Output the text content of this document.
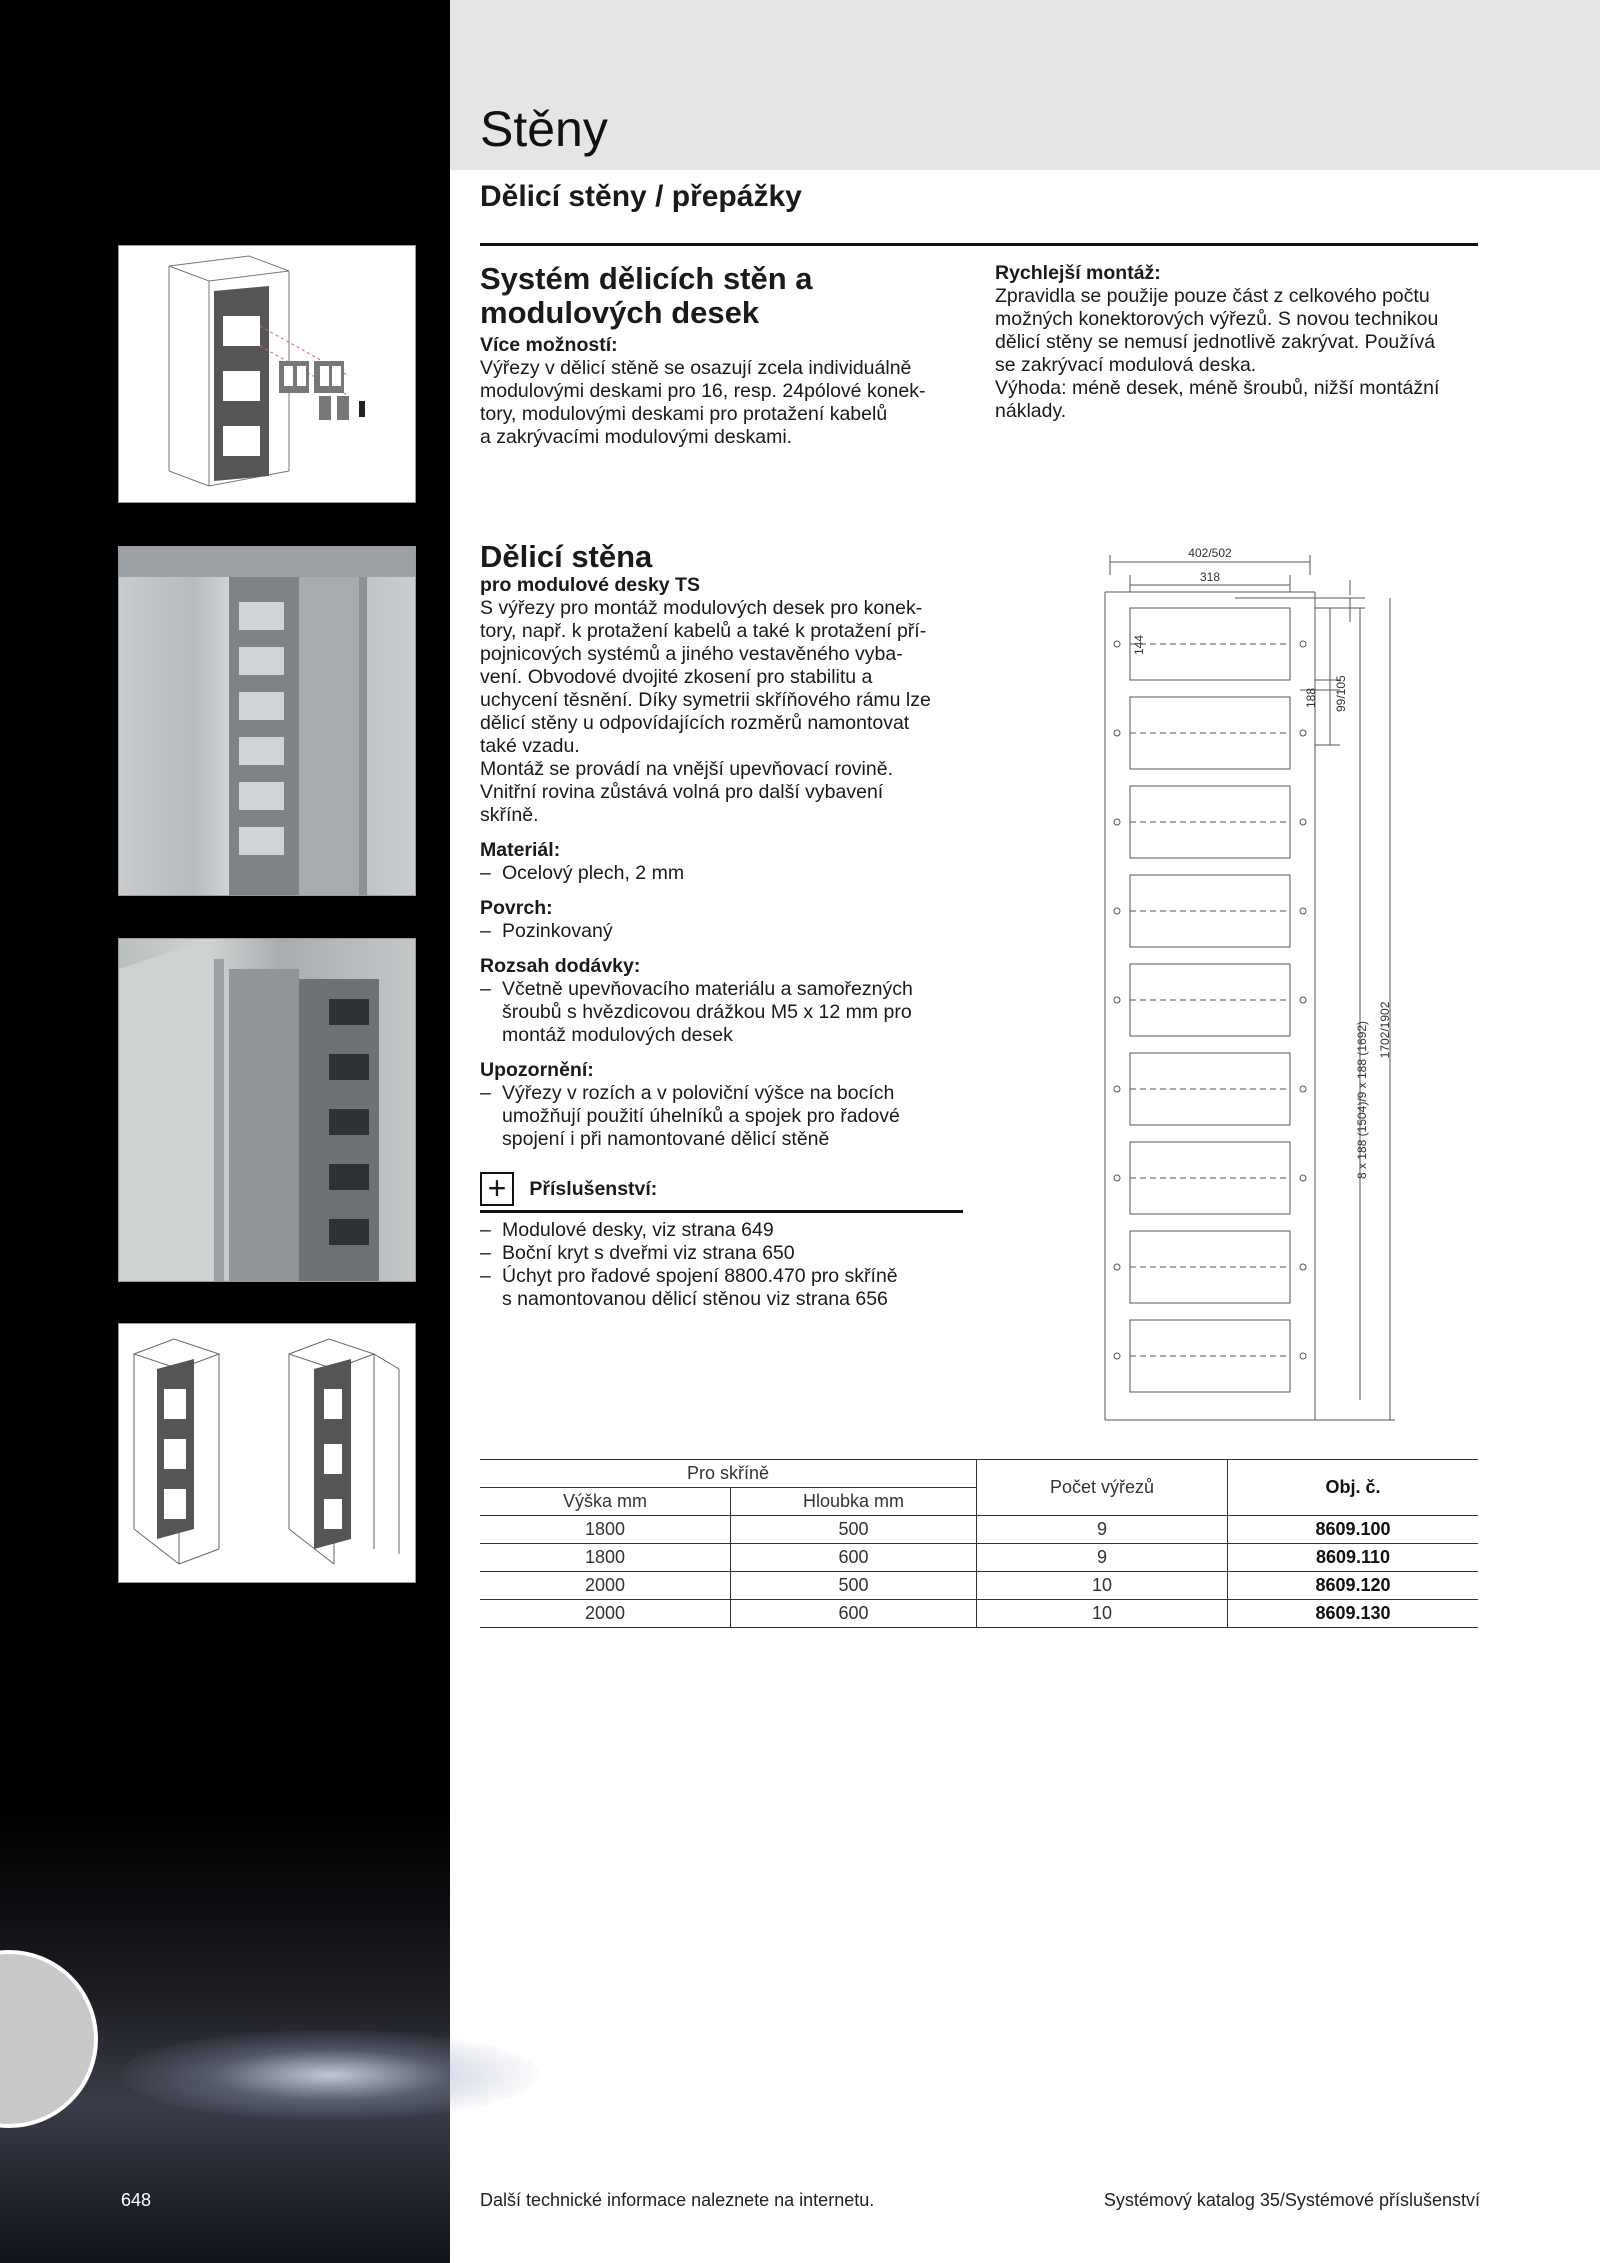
648
Stěny
Dělicí stěny / přepážky
Systém dělicích stěn a modulových desek
Více možností:
Výřezy v dělicí stěně se osazují zcela individuálně
modulovými deskami pro 16, resp. 24pólové konek-
tory, modulovými deskami pro protažení kabelů
a zakrývacími modulovými deskami.
Rychlejší montáž:
Zpravidla se použije pouze část z celkového počtu
možných konektorových výřezů. S novou technikou
dělicí stěny se nemusí jednotlivě zakrývat. Používá
se zakrývací modulová deska.
Výhoda: méně desek, méně šroubů, nižší montážní
náklady.
Dělicí stěna
pro modulové desky TS
S výřezy pro montáž modulových desek pro konek-
tory, např. k protažení kabelů a také k protažení pří-
pojnicových systémů a jiného vestavěného vyba-
vení. Obvodové dvojité zkosení pro stabilitu a
uchycení těsnění. Díky symetrii skříňového rámu lze
dělicí stěny u odpovídajících rozměrů namontovat
také vzadu.
Montáž se provádí na vnější upevňovací rovině.
Vnitřní rovina zůstává volná pro další vybavení
skříně.
Materiál:
– Ocelový plech, 2 mm
Povrch:
– Pozinkovaný
Rozsah dodávky:
– Včetně upevňovacího materiálu a samořezných
šroubů s hvězdicovou drážkou M5 x 12 mm pro
montáž modulových desek
Upozornění:
– Výřezy v rozích a v poloviční výšce na bocích
umožňují použití úhelníků a spojek pro řadové
spojení i při namontované dělicí stěně
+ Příslušenství:
– Modulové desky, viz strana 649
– Boční kryt s dveřmi viz strana 650
– Úchyt pro řadové spojení 8800.470 pro skříně
s namontovanou dělicí stěnou viz strana 656
402/502
318
144
188 99/105
8 x 188 (1504)/9 x 188 (1692) 1702/1902
Pro skříně		Počet výřezů	Obj. č.
Výška mm	Hloubka mm		
1800	500	9	8609.100
1800	600	9	8609.110
2000	500	10	8609.120
2000	600	10	8609.130
Další technické informace naleznete na internetu.	Systémový katalog 35/Systémové příslušenství
